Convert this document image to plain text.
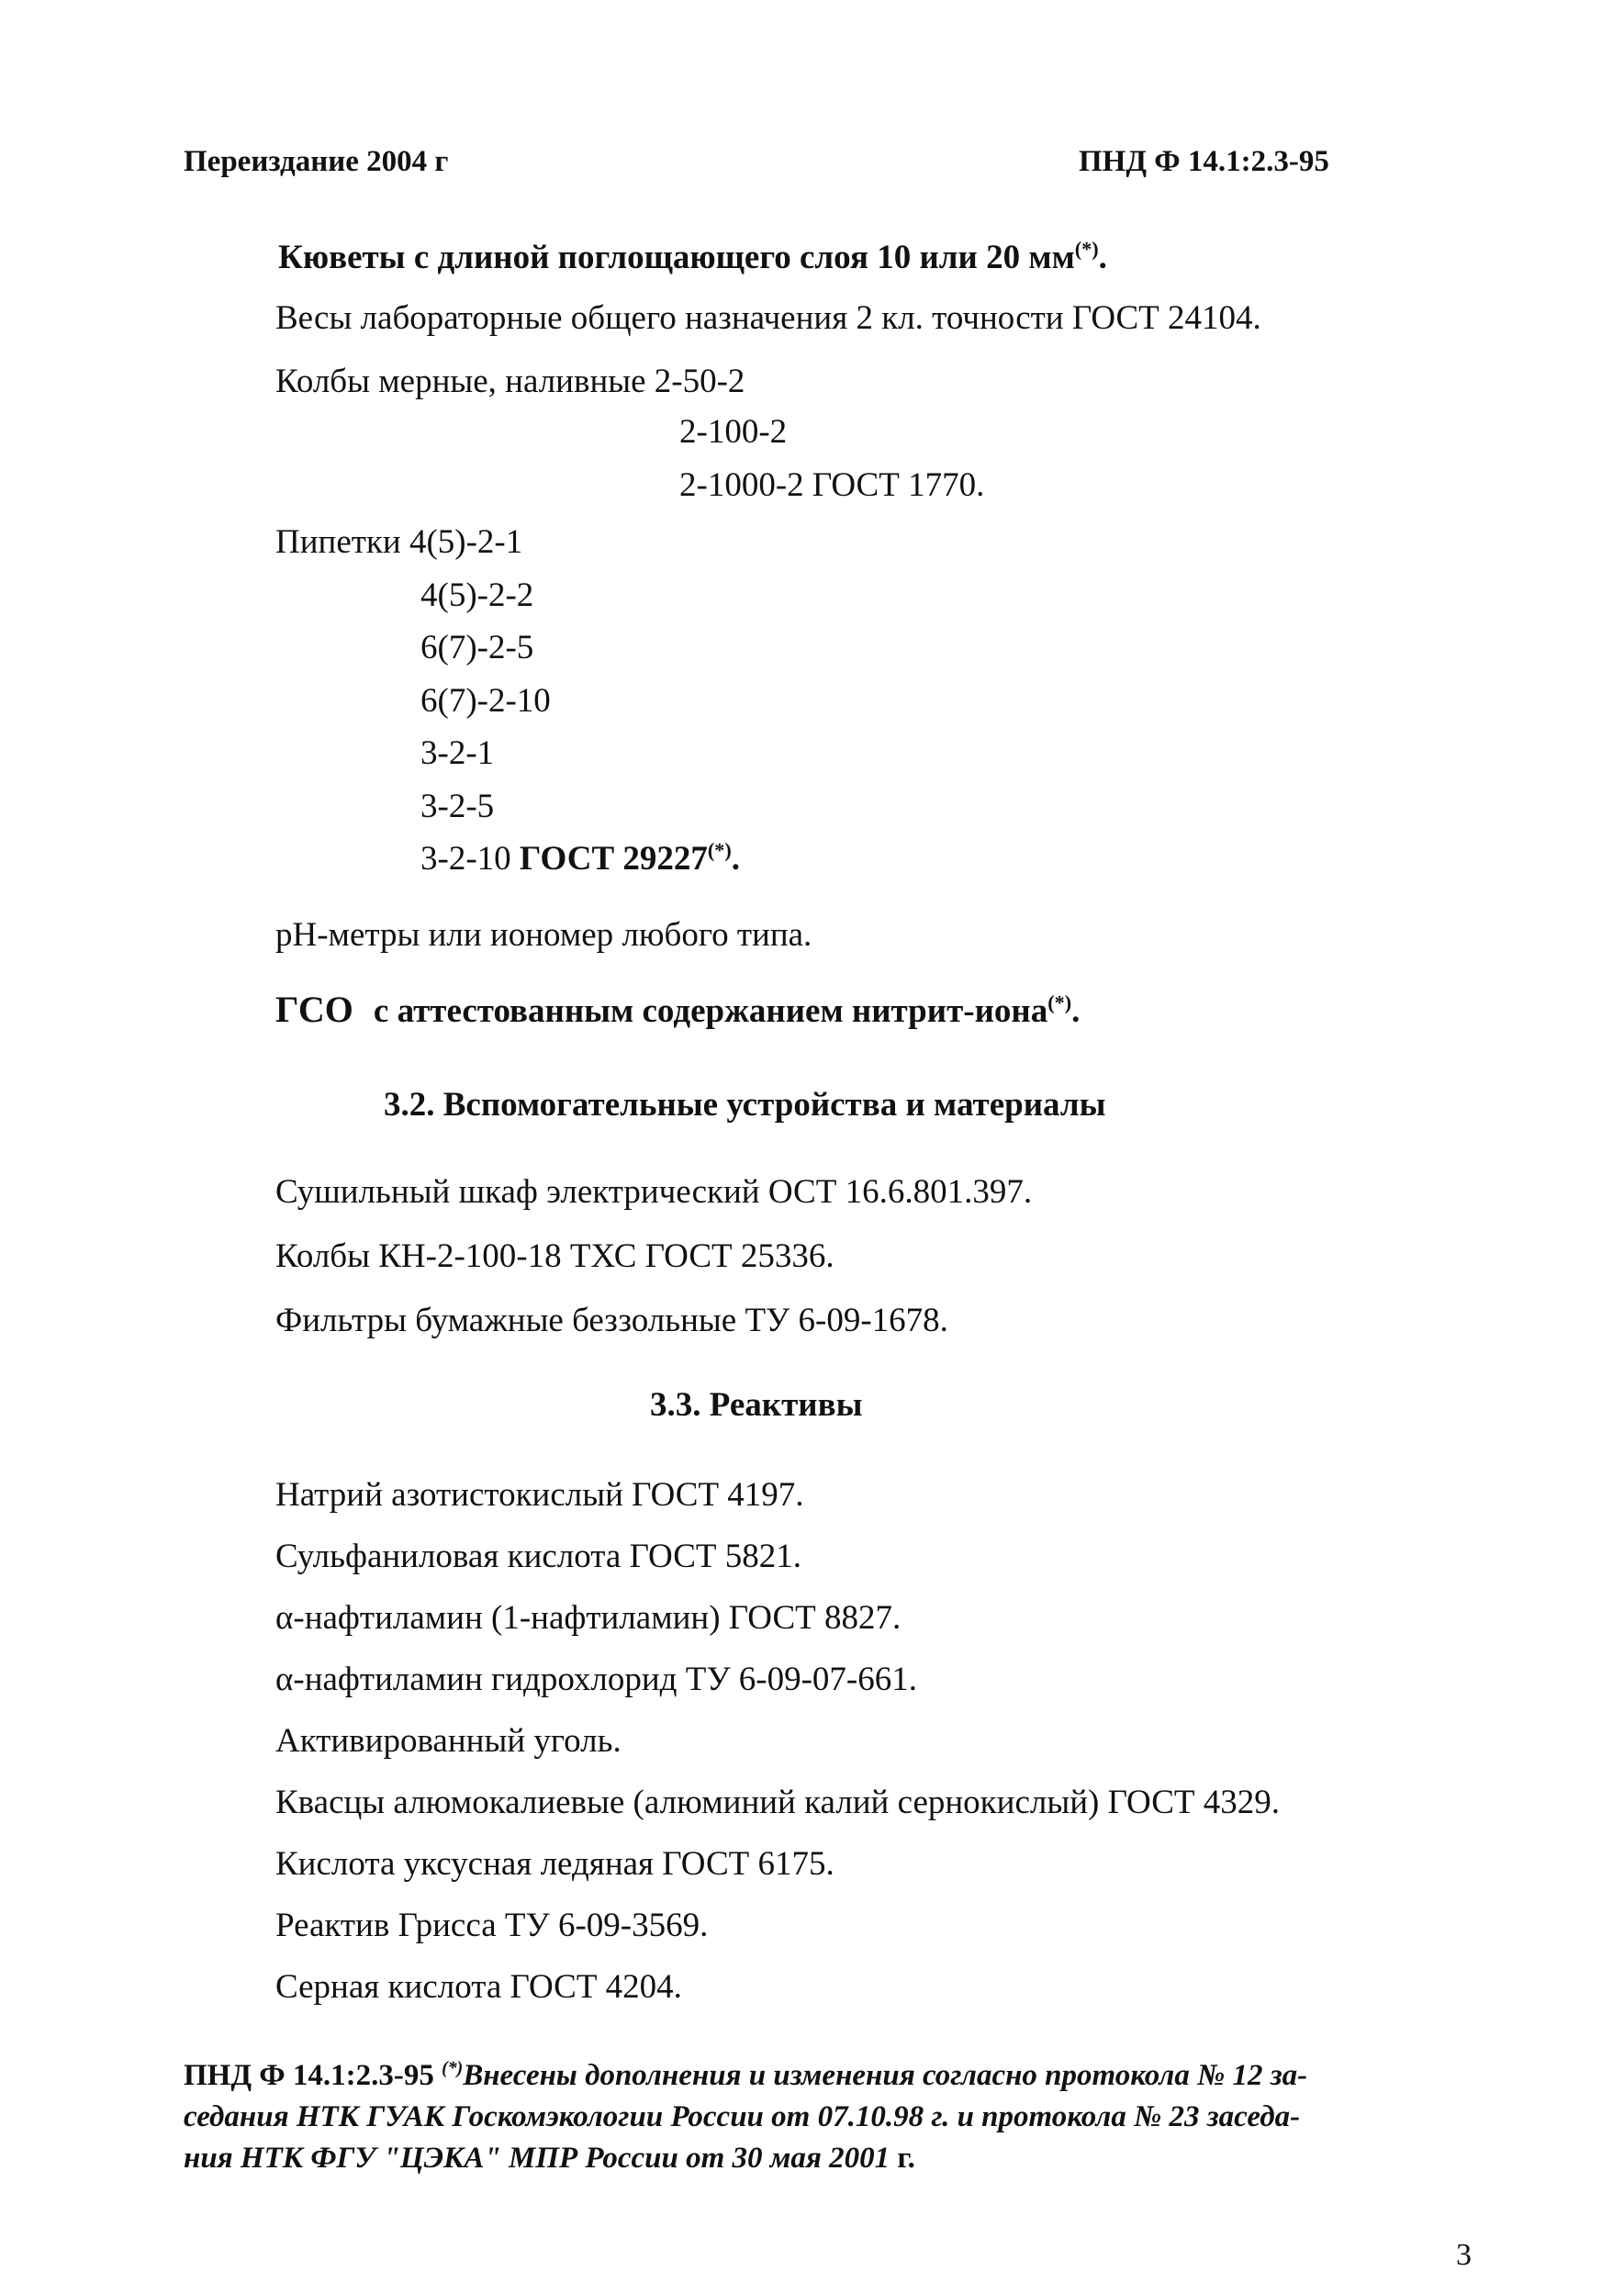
Переиздание 2004 г	ПНД Ф 14.1:2.3-95
Кюветы с длиной поглощающего слоя 10 или 20 мм(*).
Весы лабораторные общего назначения 2 кл. точности ГОСТ 24104.
Колбы мерные, наливные 2-50-2
2-100-2
2-1000-2 ГОСТ 1770.
Пипетки 4(5)-2-1
4(5)-2-2
6(7)-2-5
6(7)-2-10
3-2-1
3-2-5
3-2-10 ГОСТ 29227(*).
pH-метры или иономер любого типа.
ГСО с аттестованным содержанием нитрит-иона(*).
3.2. Вспомогательные устройства и материалы
Сушильный шкаф электрический ОСТ 16.6.801.397.
Колбы КН-2-100-18 ТХС ГОСТ 25336.
Фильтры бумажные беззольные ТУ 6-09-1678.
3.3. Реактивы
Натрий азотистокислый ГОСТ 4197.
Сульфаниловая кислота ГОСТ 5821.
α-нафтиламин (1-нафтиламин) ГОСТ 8827.
α-нафтиламин гидрохлорид ТУ 6-09-07-661.
Активированный уголь.
Квасцы алюмокалиевые (алюминий калий сернокислый) ГОСТ 4329.
Кислота уксусная ледяная ГОСТ 6175.
Реактив Грисса ТУ 6-09-3569.
Серная кислота ГОСТ 4204.
ПНД Ф 14.1:2.3-95 (*)Внесены дополнения и изменения согласно протокола № 12 за-
седания НТК ГУАК Госкомэкологии России от 07.10.98 г. и протокола № 23 заседа-
ния НТК ФГУ "ЦЭКА" МПР России от 30 мая 2001 г.
3
